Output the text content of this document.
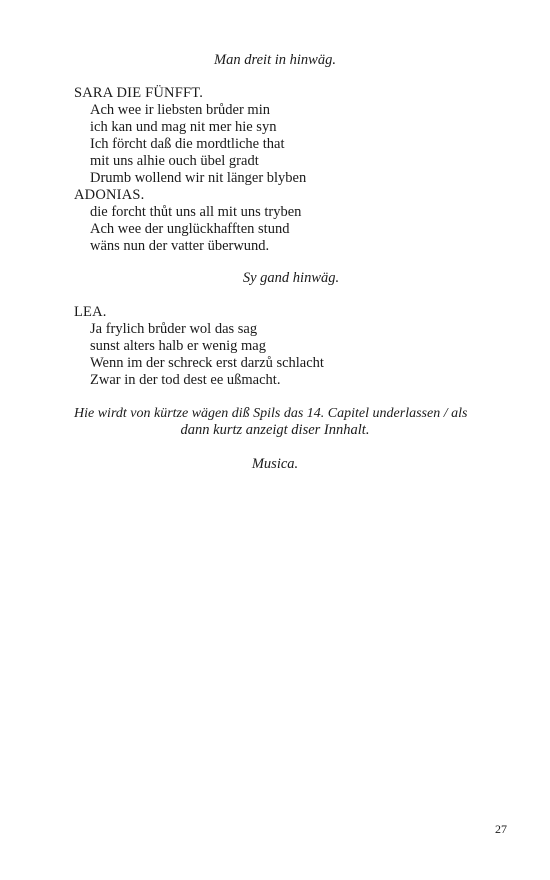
Man dreit in hinwäg.
SARA DIE FÜNFFT.
Ach wee ir liebsten brůder min
ich kan und mag nit mer hie syn
Ich förcht daß die mordtliche that
mit uns alhie ouch übel gradt
Drumb wollend wir nit länger blyben
ADONIAS.
die forcht thůt uns all mit uns tryben
Ach wee der unglückhafften stund
wäns nun der vatter überwund.
Sy gand hinwäg.
LEA.
Ja frylich brůder wol das sag
sunst alters halb er wenig mag
Wenn im der schreck erst darzů schlacht
Zwar in der tod dest ee ußmacht.
Hie wirdt von kürtze wägen diß Spils das 14. Capitel underlassen / als
dann kurtz anzeigt diser Innhalt.
Musica.
27
